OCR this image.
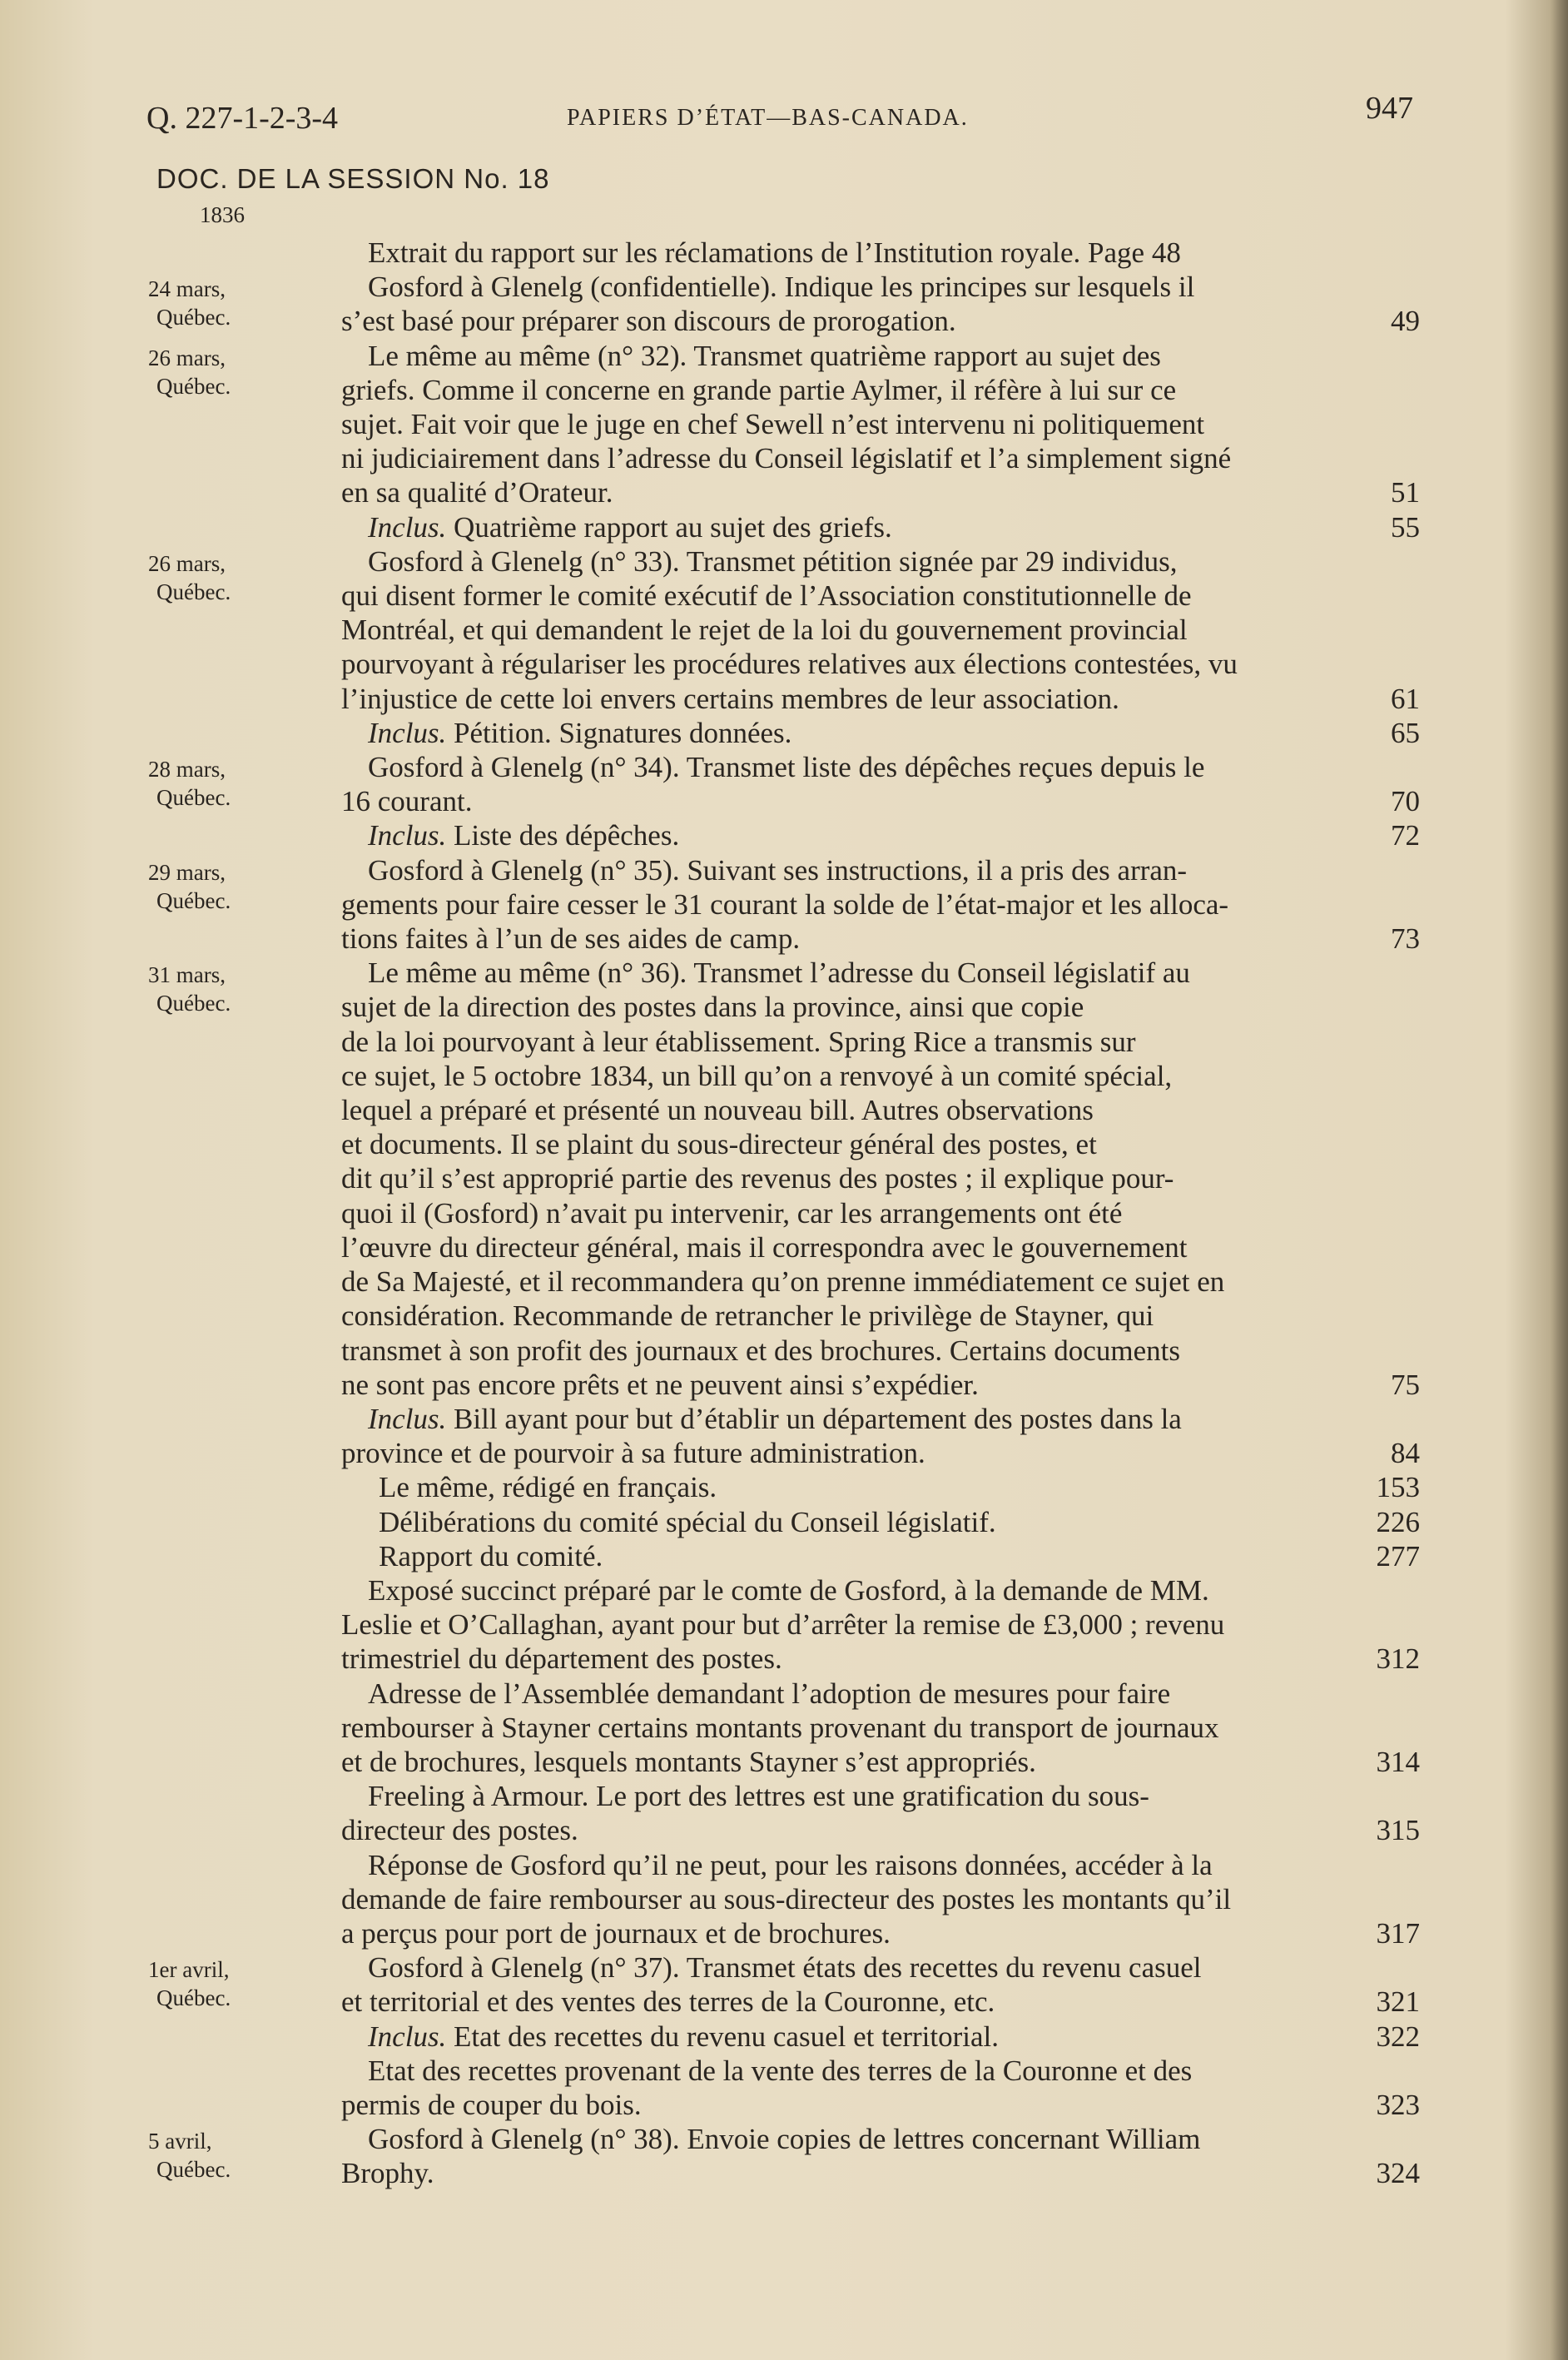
Q. 227-1-2-3-4	PAPIERS D’ÉTAT—BAS-CANADA.	947
DOC. DE LA SESSION No. 18
1836
Extrait du rapport sur les réclamations de l’Institution royale. Page 48
24 mars,

Québec.
Gosford à Glenelg (confidentielle). Indique les principes sur lesquels il
s’est basé pour préparer son discours de prorogation.	49
26 mars,

Québec.
Le même au même (n° 32). Transmet quatrième rapport au sujet des
griefs. Comme il concerne en grande partie Aylmer, il réfère à lui sur ce
sujet. Fait voir que le juge en chef Sewell n’est intervenu ni politiquement
ni judiciairement dans l’adresse du Conseil législatif et l’a simplement signé
en sa qualité d’Orateur.	51
Inclus. Quatrième rapport au sujet des griefs.	55
26 mars,

Québec.
Gosford à Glenelg (n° 33). Transmet pétition signée par 29 individus,
qui disent former le comité exécutif de l’Association constitutionnelle de
Montréal, et qui demandent le rejet de la loi du gouvernement provincial
pourvoyant à régulariser les procédures relatives aux élections contestées, vu
l’injustice de cette loi envers certains membres de leur association.	61
Inclus. Pétition. Signatures données.	65
28 mars,

Québec.
Gosford à Glenelg (n° 34). Transmet liste des dépêches reçues depuis le
16 courant.	70
Inclus. Liste des dépêches.	72
29 mars,

Québec.
Gosford à Glenelg (n° 35). Suivant ses instructions, il a pris des arran-
gements pour faire cesser le 31 courant la solde de l’état-major et les alloca-
tions faites à l’un de ses aides de camp.	73
31 mars,

Québec.
Le même au même (n° 36). Transmet l’adresse du Conseil législatif au
sujet de la direction des postes dans la province, ainsi que copie
de la loi pourvoyant à leur établissement. Spring Rice a transmis sur
ce sujet, le 5 octobre 1834, un bill qu’on a renvoyé à un comité spécial,
lequel a préparé et présenté un nouveau bill. Autres observations
et documents. Il se plaint du sous-directeur général des postes, et
dit qu’il s’est approprié partie des revenus des postes ; il explique pour-
quoi il (Gosford) n’avait pu intervenir, car les arrangements ont été
l’œuvre du directeur général, mais il correspondra avec le gouvernement
de Sa Majesté, et il recommandera qu’on prenne immédiatement ce sujet en
considération. Recommande de retrancher le privilège de Stayner, qui
transmet à son profit des journaux et des brochures. Certains documents
ne sont pas encore prêts et ne peuvent ainsi s’expédier.	75
Inclus. Bill ayant pour but d’établir un département des postes dans la
province et de pourvoir à sa future administration.	84
Le même, rédigé en français.	153
Délibérations du comité spécial du Conseil législatif.	226
Rapport du comité.	277
Exposé succinct préparé par le comte de Gosford, à la demande de MM.
Leslie et O’Callaghan, ayant pour but d’arrêter la remise de £3,000 ; revenu
trimestriel du département des postes.	312
Adresse de l’Assemblée demandant l’adoption de mesures pour faire
rembourser à Stayner certains montants provenant du transport de journaux
et de brochures, lesquels montants Stayner s’est appropriés.	314
Freeling à Armour. Le port des lettres est une gratification du sous-
directeur des postes.	315
Réponse de Gosford qu’il ne peut, pour les raisons données, accéder à la
demande de faire rembourser au sous-directeur des postes les montants qu’il
a perçus pour port de journaux et de brochures.	317
1er avril,

Québec.
Gosford à Glenelg (n° 37). Transmet états des recettes du revenu casuel
et territorial et des ventes des terres de la Couronne, etc.	321
Inclus. Etat des recettes du revenu casuel et territorial.	322
Etat des recettes provenant de la vente des terres de la Couronne et des
permis de couper du bois.	323
5 avril,

Québec.
Gosford à Glenelg (n° 38). Envoie copies de lettres concernant William
Brophy.	324
